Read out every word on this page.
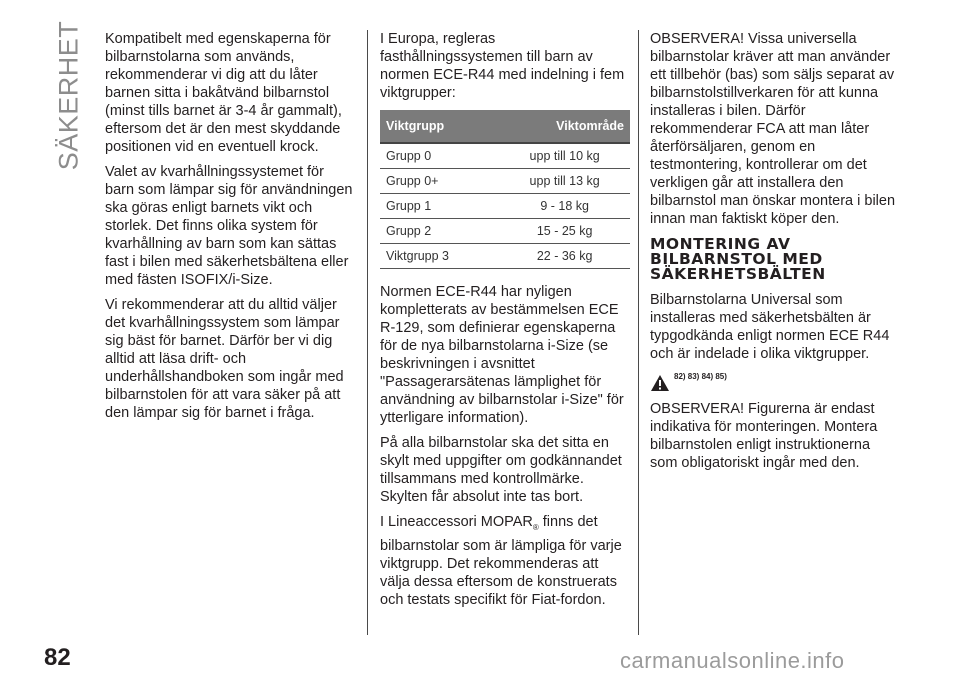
SÄKERHET
82

Kompatibelt med egenskaperna för bilbarnstolarna som används, rekommenderar vi dig att du låter barnen sitta i bakåtvänd bilbarnstol (minst tills barnet är 3-4 år gammalt), eftersom det är den mest skyddande positionen vid en eventuell krock.

Valet av kvarhållningssystemet för barn som lämpar sig för användningen ska göras enligt barnets vikt och storlek. Det finns olika system för kvarhållning av barn som kan sättas fast i bilen med säkerhetsbältena eller med fästen ISOFIX/i-Size.

Vi rekommenderar att du alltid väljer det kvarhållningssystem som lämpar sig bäst för barnet. Därför ber vi dig alltid att läsa drift- och underhållshandboken som ingår med bilbarnstolen för att vara säker på att den lämpar sig för barnet i fråga.

I Europa, regleras fasthållningssystemen till barn av normen ECE-R44 med indelning i fem viktgrupper:

Viktgrupp	Viktområde
Grupp 0	upp till 10 kg
Grupp 0+	upp till 13 kg
Grupp 1	9 - 18 kg
Grupp 2	15 - 25 kg
Viktgrupp 3	22 - 36 kg

Normen ECE-R44 har nyligen kompletterats av bestämmelsen ECE R-129, som definierar egenskaperna för de nya bilbarnstolarna i-Size (se beskrivningen i avsnittet "Passagerarsätenas lämplighet för användning av bilbarnstolar i-Size" för ytterligare information).

På alla bilbarnstolar ska det sitta en skylt med uppgifter om godkännandet tillsammans med kontrollmärke. Skylten får absolut inte tas bort.

I Lineaccessori $MOPAR_®$ finns det bilbarnstolar som är lämpliga för varje viktgrupp. Det rekommenderas att välja dessa eftersom de konstruerats och testats specifikt för Fiat-fordon.

OBSERVERA! Vissa universella bilbarnstolar kräver att man använder ett tillbehör (bas) som säljs separat av bilbarnstolstillverkaren för att kunna installeras i bilen. Därför rekommenderar FCA att man låter återförsäljaren, genom en testmontering, kontrollerar om det verkligen går att installera den bilbarnstol man önskar montera i bilen innan man faktiskt köper den.

MONTERING AV
BILBARNSTOL MED
SÄKERHETSBÄLTEN

Bilbarnstolarna Universal som installeras med säkerhetsbälten är typgodkända enligt normen ECE R44 och är indelade i olika viktgrupper.

82) 83) 84) 85)

OBSERVERA! Figurerna är endast indikativa för monteringen. Montera bilbarnstolen enligt instruktionerna som obligatoriskt ingår med den.

carmanualsonline.info
